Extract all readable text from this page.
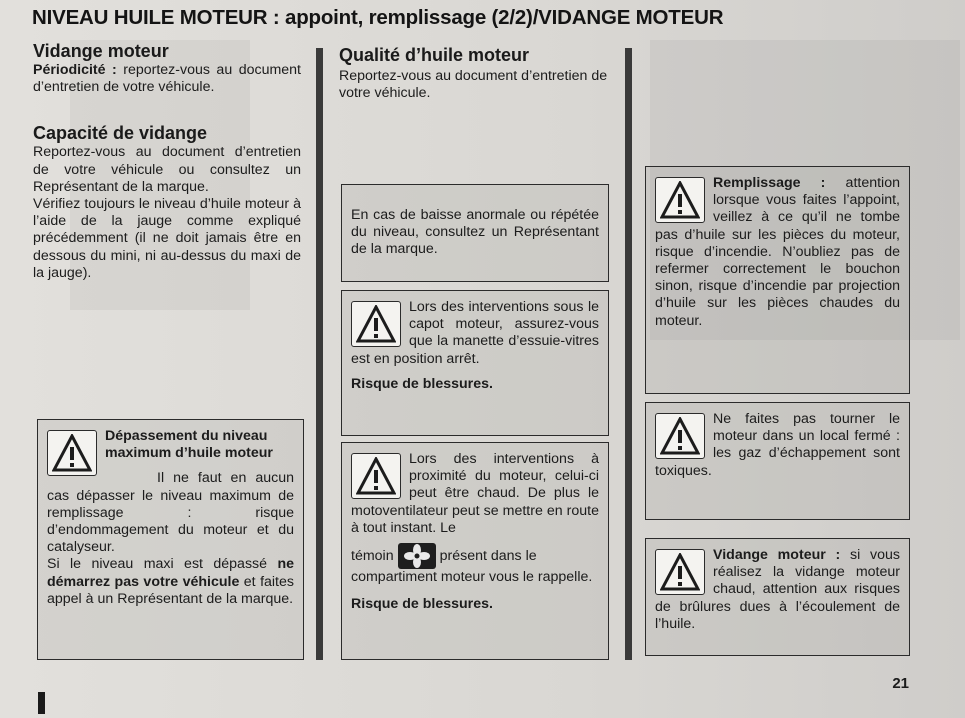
NIVEAU HUILE MOTEUR : appoint, remplissage (2/2)/VIDANGE MOTEUR
Vidange moteur

Périodicité : reportez-vous au document d’entretien de votre véhicule.

Capacité de vidange

Reportez-vous au document d’entretien de votre véhicule ou consultez un Représentant de la marque.

Vérifiez toujours le niveau d’huile moteur à l’aide de la jauge comme expliqué précédemment (il ne doit jamais être en dessous du mini, ni au-dessus du maxi de la jauge).

Dépassement du niveau maximum d’huile moteur

Il ne faut en aucun cas dépasser le niveau maximum de remplissage : risque d’endommagement du moteur et du catalyseur.

Si le niveau maxi est dépassé ne démarrez pas votre véhicule et faites appel à un Représentant de la marque.

Qualité d’huile moteur

Reportez-vous au document d’entretien de votre véhicule.

En cas de baisse anormale ou répétée du niveau, consultez un Représentant de la marque.

Lors des interventions sous le capot moteur, assurez-vous que la manette d’essuie-vitres est en position arrêt.

Risque de blessures.

Lors des interventions à proximité du moteur, celui-ci peut être chaud. De plus le motoventilateur peut se mettre en route à tout instant. Le

témoin	présent dans le compartiment moteur vous le rappelle.

Risque de blessures.

Remplissage : attention lorsque vous faites l’appoint, veillez à ce qu’il ne tombe pas d’huile sur les pièces du moteur, risque d’incendie. N’oubliez pas de refermer correctement le bouchon sinon, risque d’incendie par projection d’huile sur les pièces chaudes du moteur.

Ne faites pas tourner le moteur dans un local fermé : les gaz d’échappement sont toxiques.

Vidange moteur : si vous réalisez la vidange moteur chaud, attention aux risques de brûlures dues à l’écoulement de l’huile.

21
